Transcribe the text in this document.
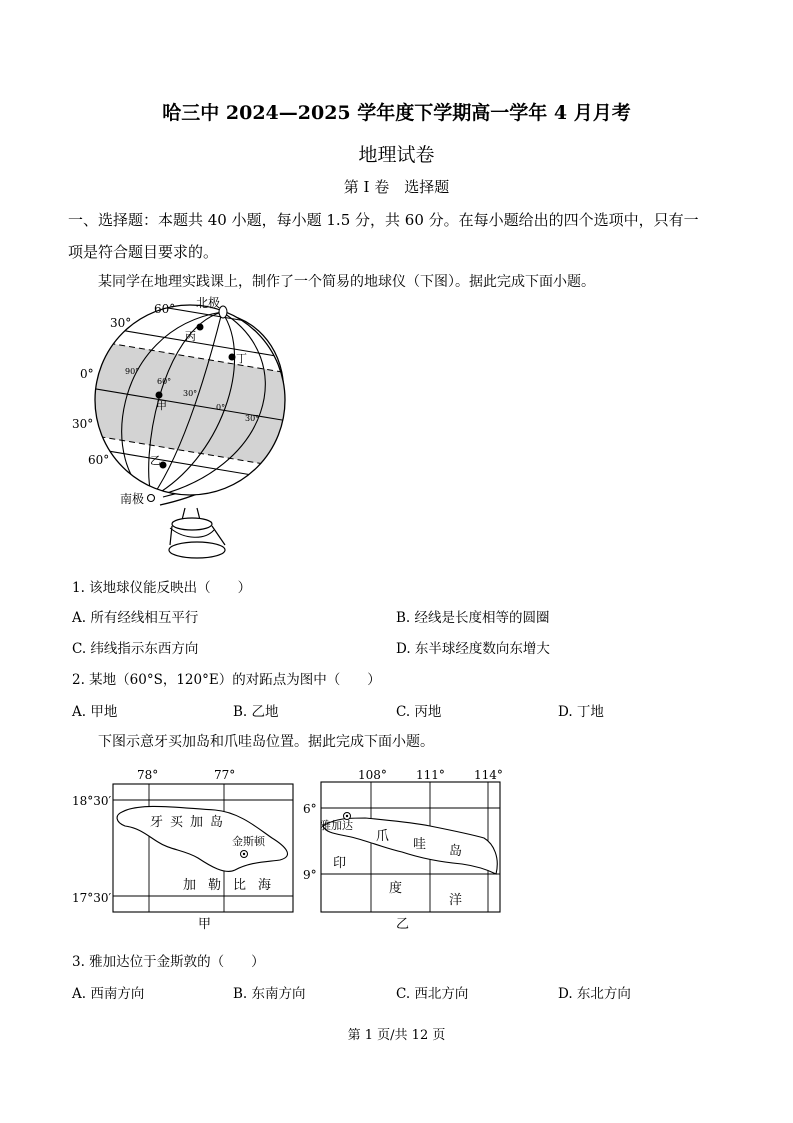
哈三中 2024—2025 学年度下学期高一学年 4 月月考
地理试卷
第 I 卷　选择题
一、选择题：本题共 40 小题，每小题 1.5 分，共 60 分。在每小题给出的四个选项中，只有一
项是符合题目要求的。
某同学在地理实践课上，制作了一个简易的地球仪（下图）。据此完成下面小题。
60°
30°
0°
30°
60°
北极
南极
90°
60°
30°
0°
30°
丙
丁
甲
乙
1. 该地球仪能反映出（　　）
A. 所有经线相互平行	B. 经线是长度相等的圆圈
C. 纬线指示东西方向	D. 东半球经度数向东增大
2. 某地（60°S，120°E）的对跖点为图中（　　）
A. 甲地	B. 乙地	C. 丙地	D. 丁地
下图示意牙买加岛和爪哇岛位置。据此完成下面小题。
78°	77°
18°30′
17°30′
牙 买 加 岛
金斯顿
加 勒 比 海
甲
108° 111° 114°
6°
9°
雅加达
爪
哇 岛
印
度
洋
乙
3. 雅加达位于金斯敦的（　　）
A. 西南方向	B. 东南方向	C. 西北方向	D. 东北方向
第 1 页/共 12 页
